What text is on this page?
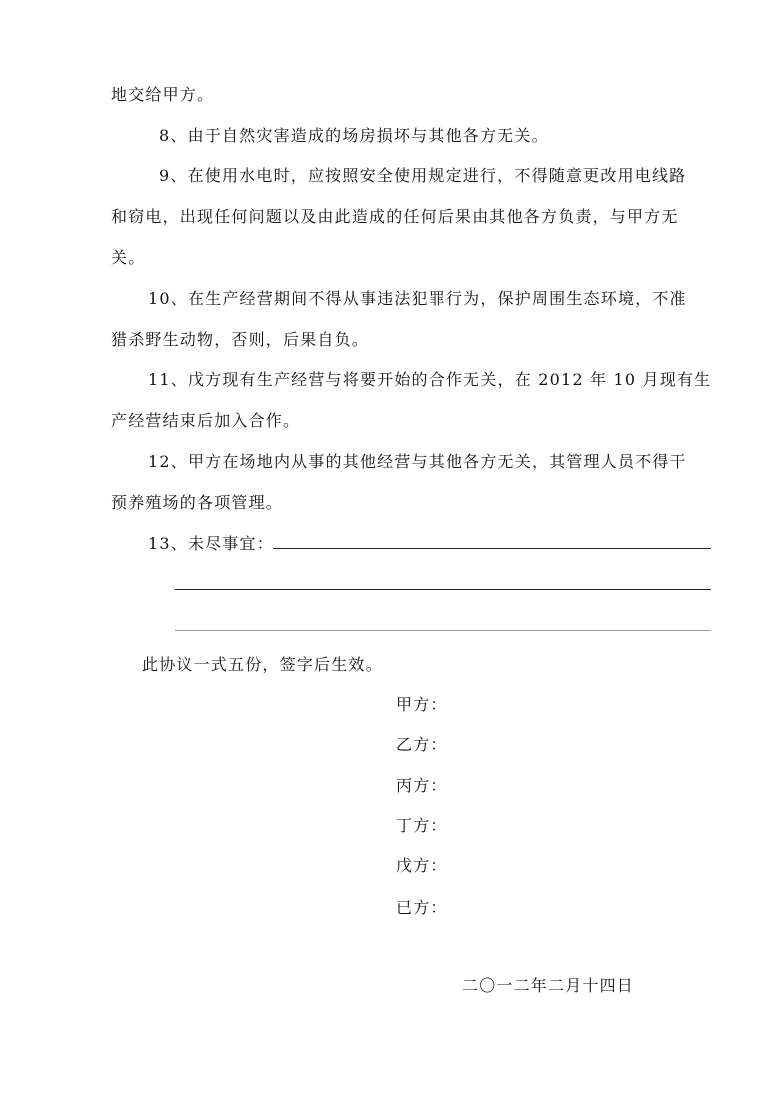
地交给甲方。
8、由于自然灾害造成的场房损坏与其他各方无关。
9、在使用水电时，应按照安全使用规定进行，不得随意更改用电线路
和窃电，出现任何问题以及由此造成的任何后果由其他各方负责，与甲方无
关。
10、在生产经营期间不得从事违法犯罪行为，保护周围生态环境，不准
猎杀野生动物，否则，后果自负。
11、戊方现有生产经营与将要开始的合作无关，在 2012 年 10 月现有生
产经营结束后加入合作。
12、甲方在场地内从事的其他经营与其他各方无关，其管理人员不得干
预养殖场的各项管理。
13、未尽事宜：
此协议一式五份，签字后生效。
甲方：
乙方：
丙方：
丁方：
戊方：
已方：
二〇一二年二月十四日
